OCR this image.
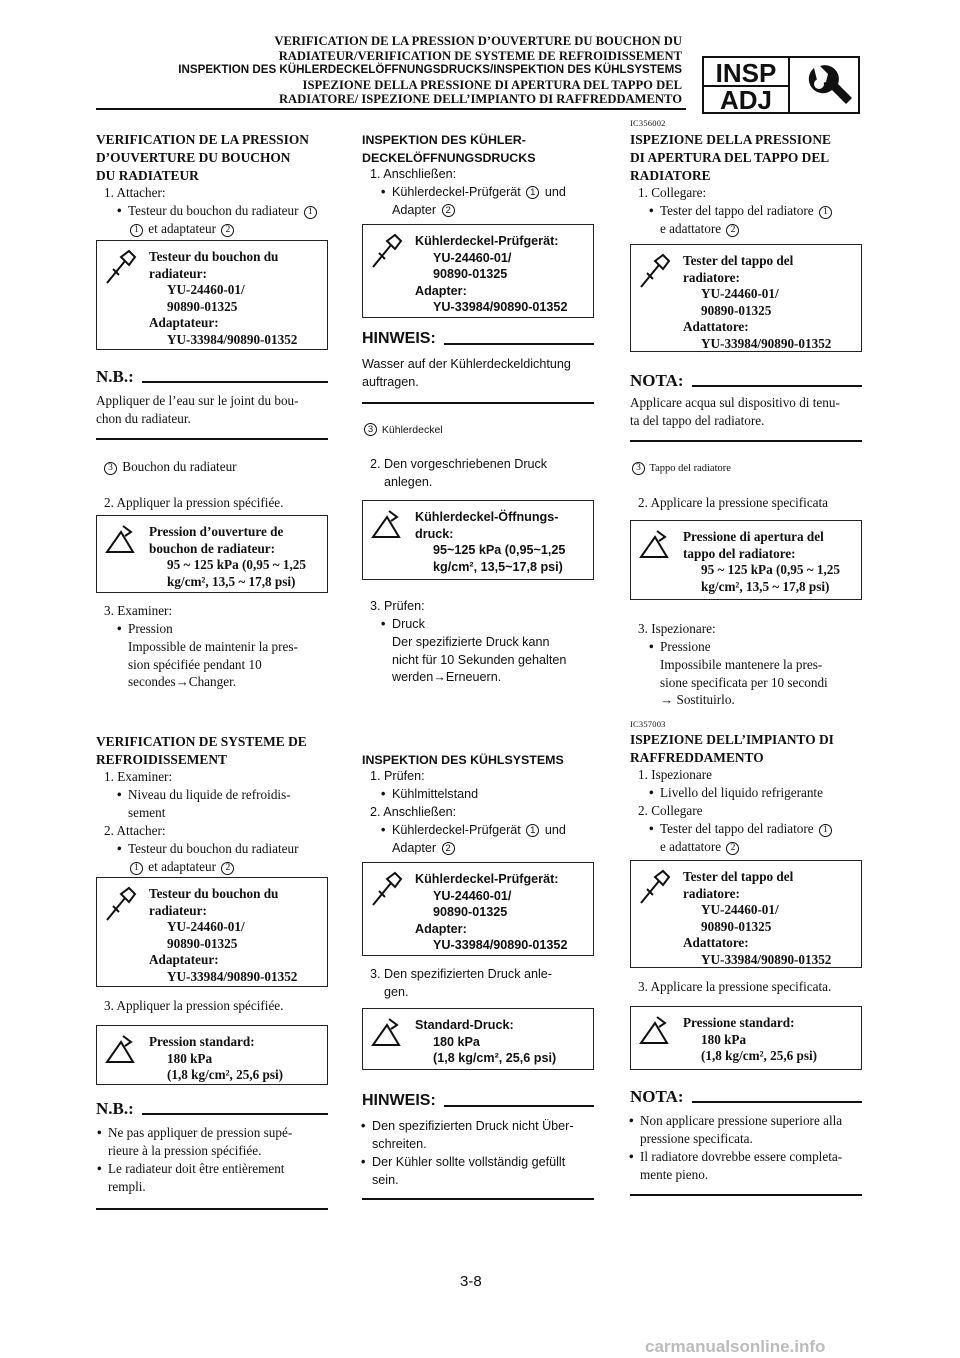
VERIFICATION DE LA PRESSION D’OUVERTURE DU BOUCHON DU
RADIATEUR/VERIFICATION DE SYSTEME DE REFROIDISSEMENT
INSPEKTION DES KÜHLERDECKELÖFFNUNGSDRUCKS/INSPEKTION DES KÜHLSYSTEMS
ISPEZIONE DELLA PRESSIONE DI APERTURA DEL TAPPO DEL
RADIATORE/ ISPEZIONE DELL’IMPIANTO DI RAFFREDDAMENTO
INSP
ADJ
VERIFICATION DE LA PRESSION
D’OUVERTURE DU BOUCHON
DU RADIATEUR
1. Attacher:
• Testeur du bouchon du radiateur 1
1 et adaptateur 2
Testeur du bouchon du
radiateur:
YU-24460-01/
90890-01325
Adaptateur:
YU-33984/90890-01352
N.B.:
Appliquer de l’eau sur le joint du bou-
chon du radiateur.
3 Bouchon du radiateur
2. Appliquer la pression spécifiée.
Pression d’ouverture de
bouchon de radiateur:
95 ~ 125 kPa (0,95 ~ 1,25
kg/cm², 13,5 ~ 17,8 psi)
3. Examiner:
• Pression
Impossible de maintenir la pres-
sion spécifiée pendant 10
secondes→Changer.
VERIFICATION DE SYSTEME DE
REFROIDISSEMENT
1. Examiner:
• Niveau du liquide de refroidis-
sement
2. Attacher:
• Testeur du bouchon du radiateur
1 et adaptateur 2
Testeur du bouchon du
radiateur:
YU-24460-01/
90890-01325
Adaptateur:
YU-33984/90890-01352
3. Appliquer la pression spécifiée.
Pression standard:
180 kPa
(1,8 kg/cm², 25,6 psi)
N.B.:
• Ne pas appliquer de pression supé-
rieure à la pression spécifiée.
• Le radiateur doit être entièrement
rempli.
INSPEKTION DES KÜHLER-
DECKELÖFFNUNGSDRUCKS
1. Anschließen:
• Kühlerdeckel-Prüfgerät 1 und
Adapter 2
Kühlerdeckel-Prüfgerät:
YU-24460-01/
90890-01325
Adapter:
YU-33984/90890-01352
HINWEIS:
Wasser auf der Kühlerdeckeldichtung
auftragen.
3 Kühlerdeckel
2. Den vorgeschriebenen Druck
anlegen.
Kühlerdeckel-Öffnungs-
druck:
95~125 kPa (0,95~1,25
kg/cm², 13,5~17,8 psi)
3. Prüfen:
• Druck
Der spezifizierte Druck kann
nicht für 10 Sekunden gehalten
werden→Erneuern.
INSPEKTION DES KÜHLSYSTEMS
1. Prüfen:
• Kühlmittelstand
2. Anschließen:
• Kühlerdeckel-Prüfgerät 1 und
Adapter 2
Kühlerdeckel-Prüfgerät:
YU-24460-01/
90890-01325
Adapter:
YU-33984/90890-01352
3. Den spezifizierten Druck anle-
gen.
Standard-Druck:
180 kPa
(1,8 kg/cm², 25,6 psi)
HINWEIS:
• Den spezifizierten Druck nicht Über-
schreiten.
• Der Kühler sollte vollständig gefüllt
sein.
IC356002
ISPEZIONE DELLA PRESSIONE
DI APERTURA DEL TAPPO DEL
RADIATORE
1. Collegare:
• Tester del tappo del radiatore 1
e adattatore 2
Tester del tappo del
radiatore:
YU-24460-01/
90890-01325
Adattatore:
YU-33984/90890-01352
NOTA:
Applicare acqua sul dispositivo di tenu-
ta del tappo del radiatore.
3 Tappo del radiatore
2. Applicare la pressione specificata
Pressione di apertura del
tappo del radiatore:
95 ~ 125 kPa (0,95 ~ 1,25
kg/cm², 13,5 ~ 17,8 psi)
3. Ispezionare:
• Pressione
Impossibile mantenere la pres-
sione specificata per 10 secondi
→ Sostituirlo.
IC357003
ISPEZIONE DELL’IMPIANTO DI
RAFFREDDAMENTO
1. Ispezionare
• Livello del liquido refrigerante
2. Collegare
• Tester del tappo del radiatore 1
e adattatore 2
Tester del tappo del
radiatore:
YU-24460-01/
90890-01325
Adattatore:
YU-33984/90890-01352
3. Applicare la pressione specificata.
Pressione standard:
180 kPa
(1,8 kg/cm², 25,6 psi)
NOTA:
• Non applicare pressione superiore alla
pressione specificata.
• Il radiatore dovrebbe essere completa-
mente pieno.
3-8
carmanualsonline.info
